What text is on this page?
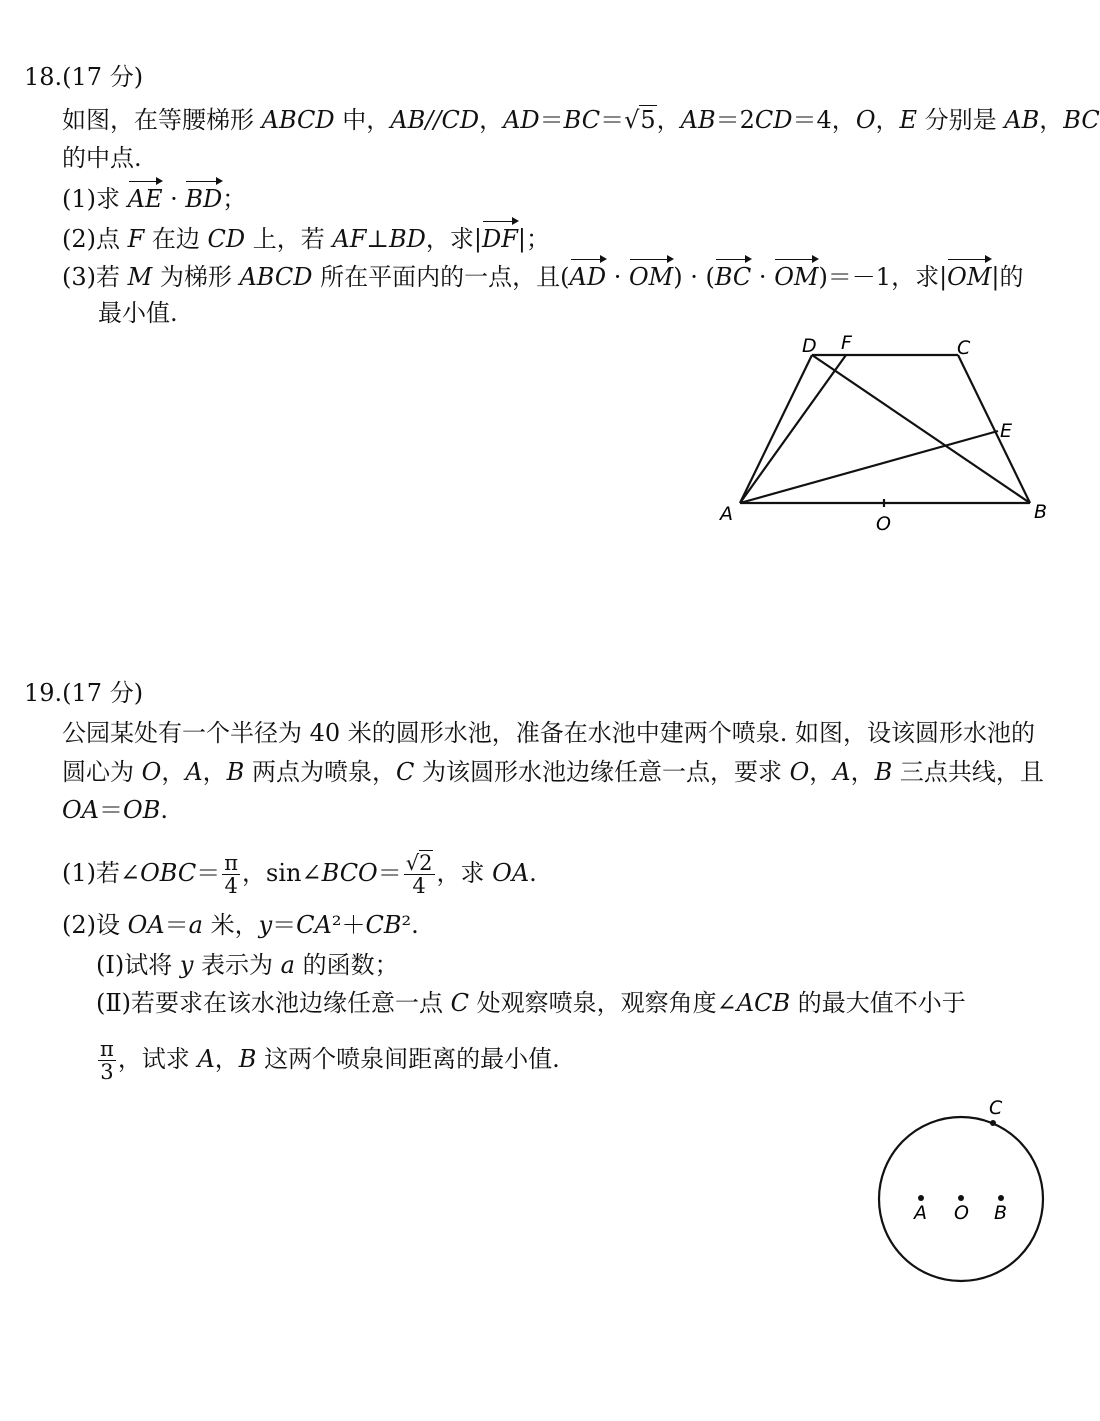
18.(17 分)
如图，在等腰梯形 ABCD 中，AB//CD，AD＝BC＝√5，AB＝2CD＝4，O，E 分别是 AB，BC
的中点.
(1)求 AE · BD；
(2)点 F 在边 CD 上，若 AF⊥BD，求|DF|；
(3)若 M 为梯形 ABCD 所在平面内的一点，且(AD · OM) · (BC · OM)＝－1，求|OM|的
最小值.
A	B
C
D
E
F
O
19.(17 分)
公园某处有一个半径为 40 米的圆形水池，准备在水池中建两个喷泉. 如图，设该圆形水池的
圆心为 O，A，B 两点为喷泉，C 为该圆形水池边缘任意一点，要求 O，A，B 三点共线，且
OA＝OB.
(1)若∠OBC＝ $\frac{\pi}{4}$ ，sin∠BCO＝ $\frac{√2}{4}$ ，求 OA.
(2)设 OA＝a 米，y＝CA²＋CB².
(Ⅰ)试将 y 表示为 a 的函数；
(Ⅱ)若要求在该水池边缘任意一点 C 处观察喷泉，观察角度∠ACB 的最大值不小于
$\frac{\pi}{3}$ ，试求 A，B 这两个喷泉间距离的最小值.
A O B
C
